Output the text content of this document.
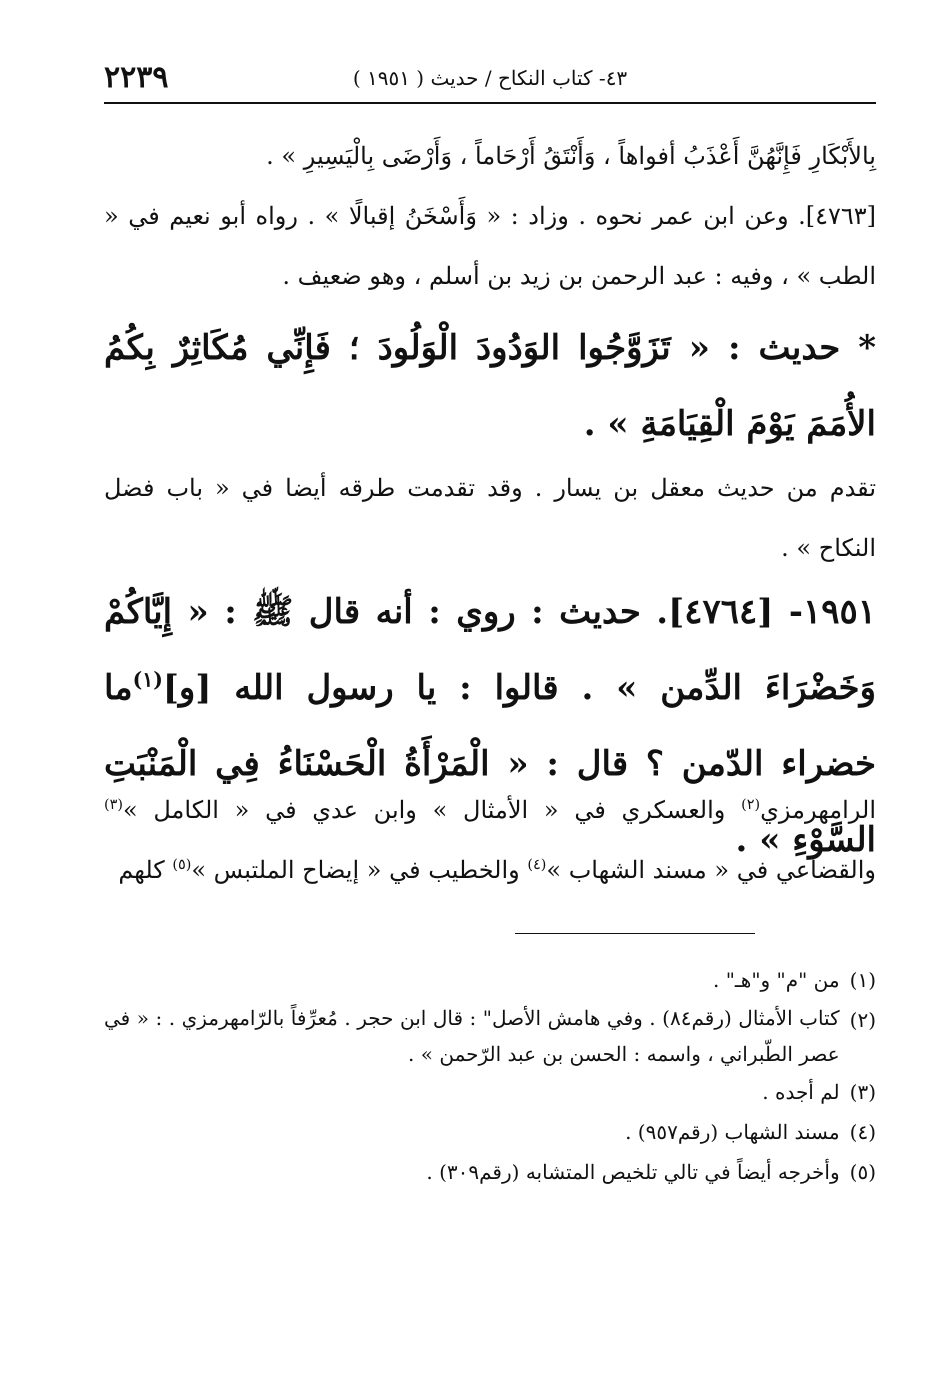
٤٣- كتاب النكاح / حديث ( ١٩٥١ )
٢٢٣٩
بِالأَبْكَارِ فَإِنَّهُنَّ أَعْذَبُ أفواهاً ، وَأَنْتَقُ أَرْحَاماً ، وَأَرْضَى بِالْيَسِيرِ » .
[٤٧٦٣]. وعن ابن عمر نحوه . وزاد : « وَأَسْخَنُ إقبالًا » . رواه أبو نعيم في « الطب » ، وفيه : عبد الرحمن بن زيد بن أسلم ، وهو ضعيف .
* حديث : « تَزَوَّجُوا الوَدُودَ الْوَلُودَ ؛ فَإِنِّي مُكَاثِرٌ بِكُمُ الأُمَمَ يَوْمَ الْقِيَامَةِ » .
تقدم من حديث معقل بن يسار . وقد تقدمت طرقه أيضا في « باب فضل النكاح » .
١٩٥١- [٤٧٦٤]. حديث : روي : أنه قال ﷺ : « إِيَّاكُمْ وَخَضْرَاءَ الدِّمن » . قالوا : يا رسول الله [و]$^{(١)}$ما خضراء الدّمن ؟ قال : « الْمَرْأَةُ الْحَسْنَاءُ فِي الْمَنْبَتِ السَّوْءِ » .
الرامهرمزي$^{(٢)}$ والعسكري في « الأمثال » وابن عدي في « الكامل »$^{(٣)}$ والقضاعي في « مسند الشهاب »$^{(٤)}$ والخطيب في « إيضاح الملتبس »$^{(٥)}$ كلهم
(١)
من "م" و"هـ" .
(٢)
كتاب الأمثال (رقم٨٤) . وفي هامش الأصل" : قال ابن حجر . مُعرِّفاً بالرّامهرمزي . : « في عصر الطّبراني ، واسمه : الحسن بن عبد الرّحمن » .
(٣)
لم أجده .
(٤)
مسند الشهاب (رقم٩٥٧) .
(٥)
وأخرجه أيضاً في تالي تلخيص المتشابه (رقم٣٠٩) .
